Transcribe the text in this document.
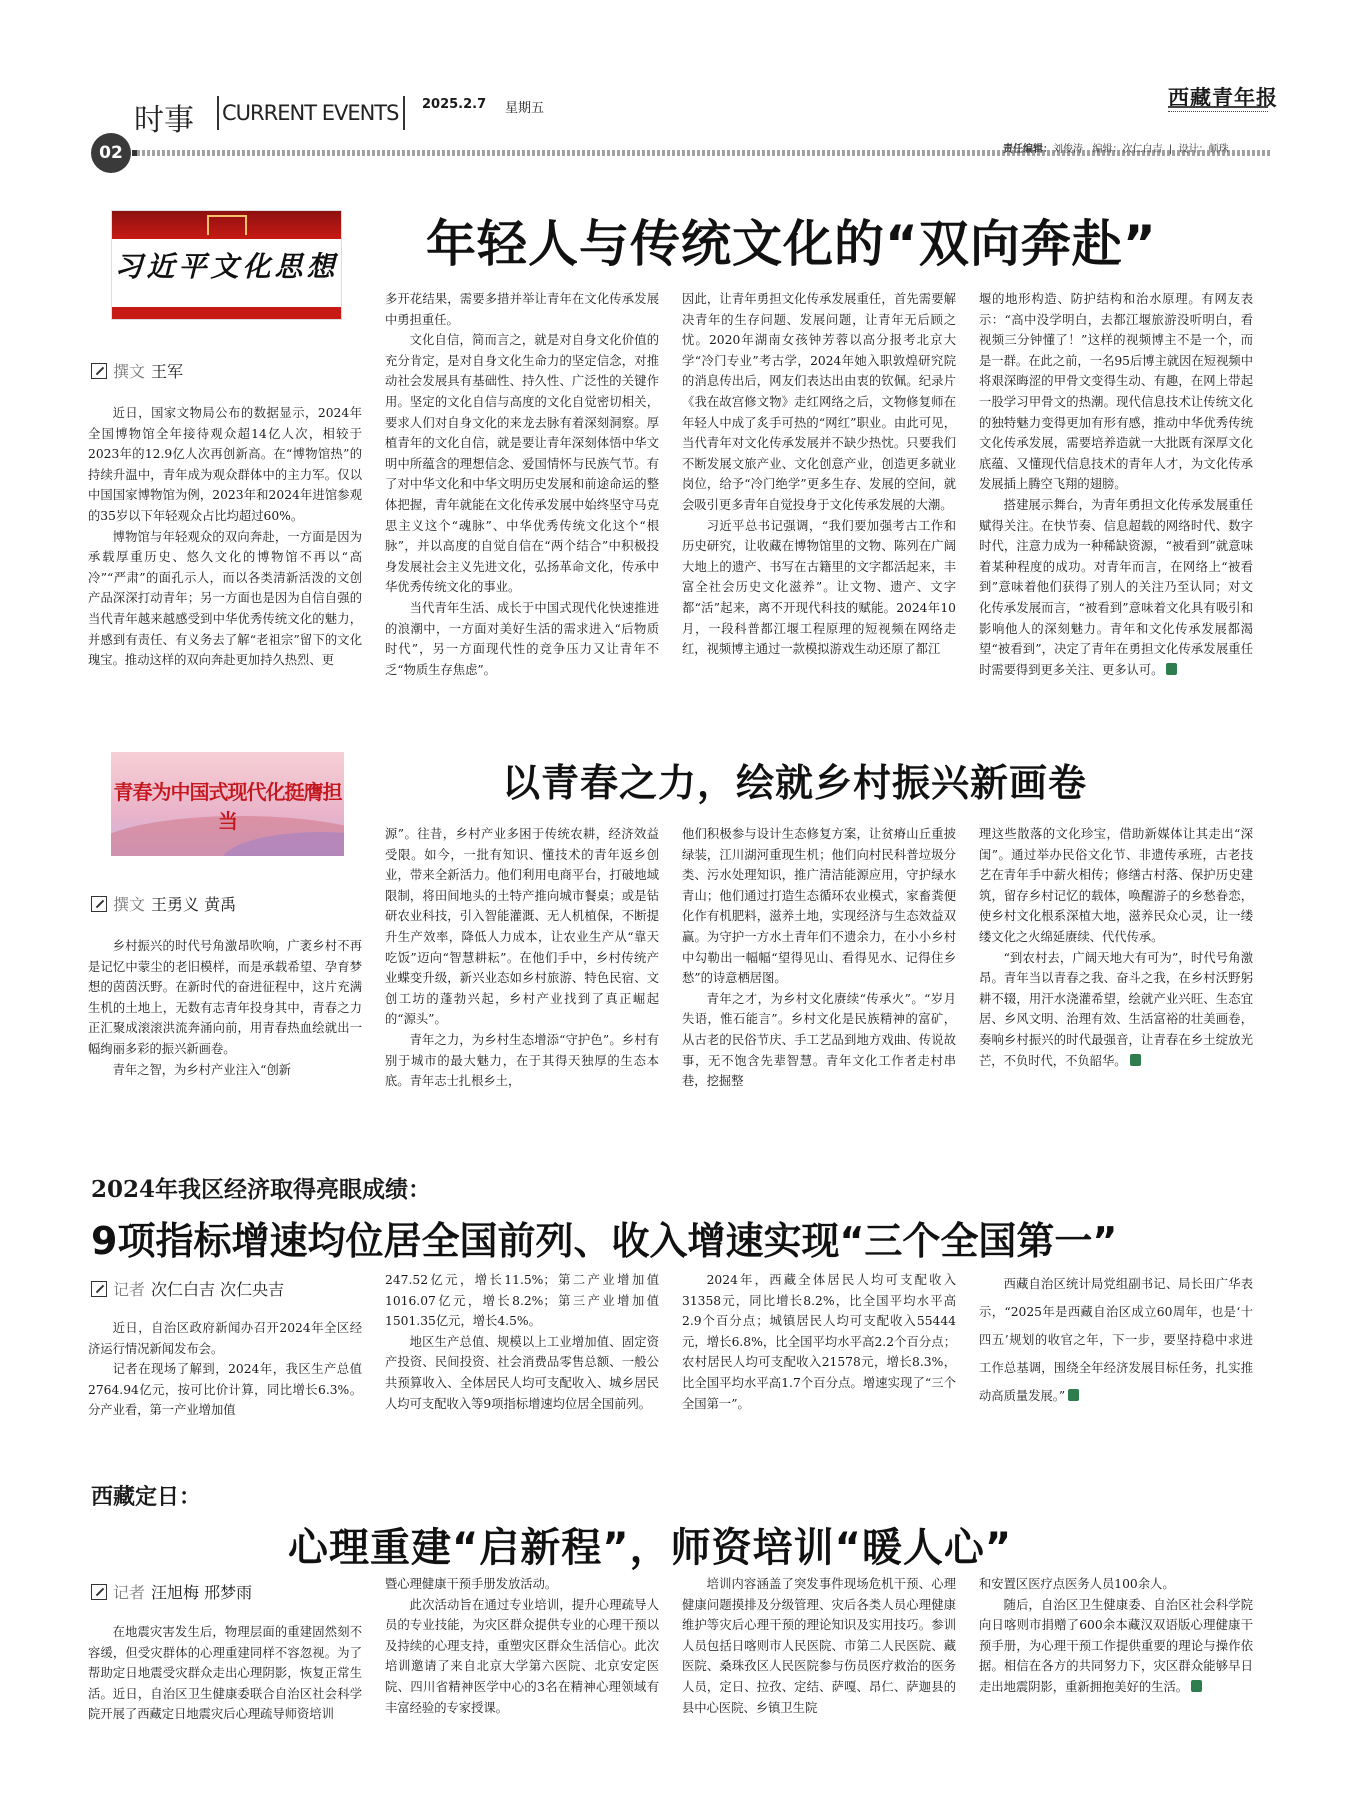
时事 CURRENT EVENTS 2025.2.7 星期五	西藏青年报
02	责任编辑：刘俊涛 编辑：次仁白吉  |  设计：顿珠
习近平文化思想 年轻人与传统文化的“双向奔赴”
撰文 王军

近日，国家文物局公布的数据显示，2024年全国博物馆全年接待观众超14亿人次，相较于2023年的12.9亿人次再创新高。在“博物馆热”的持续升温中，青年成为观众群体中的主力军。仅以中国国家博物馆为例，2023年和2024年进馆参观的35岁以下年轻观众占比均超过60%。

博物馆与年轻观众的双向奔赴，一方面是因为承载厚重历史、悠久文化的博物馆不再以“高冷”“严肃”的面孔示人，而以各类清新活泼的文创产品深深打动青年；另一方面也是因为自信自强的当代青年越来越感受到中华优秀传统文化的魅力，并感到有责任、有义务去了解“老祖宗”留下的文化瑰宝。推动这样的双向奔赴更加持久热烈、更

多开花结果，需要多措并举让青年在文化传承发展中勇担重任。

文化自信，简而言之，就是对自身文化价值的充分肯定，是对自身文化生命力的坚定信念，对推动社会发展具有基础性、持久性、广泛性的关键作用。坚定的文化自信与高度的文化自觉密切相关，要求人们对自身文化的来龙去脉有着深刻洞察。厚植青年的文化自信，就是要让青年深刻体悟中华文明中所蕴含的理想信念、爱国情怀与民族气节。有了对中华文化和中华文明历史发展和前途命运的整体把握，青年就能在文化传承发展中始终坚守马克思主义这个“魂脉”、中华优秀传统文化这个“根脉”，并以高度的自觉自信在“两个结合”中积极投身发展社会主义先进文化，弘扬革命文化，传承中华优秀传统文化的事业。

当代青年生活、成长于中国式现代化快速推进的浪潮中，一方面对美好生活的需求进入“后物质时代”，另一方面现代性的竞争压力又让青年不乏“物质生存焦虑”。

因此，让青年勇担文化传承发展重任，首先需要解决青年的生存问题、发展问题，让青年无后顾之忧。2020年湖南女孩钟芳蓉以高分报考北京大学“冷门专业”考古学，2024年她入职敦煌研究院的消息传出后，网友们表达出由衷的钦佩。纪录片《我在故宫修文物》走红网络之后，文物修复师在年轻人中成了炙手可热的“网红”职业。由此可见，当代青年对文化传承发展并不缺少热忱。只要我们不断发展文旅产业、文化创意产业，创造更多就业岗位，给予“冷门绝学”更多生存、发展的空间，就会吸引更多青年自觉投身于文化传承发展的大潮。

习近平总书记强调，“我们要加强考古工作和历史研究，让收藏在博物馆里的文物、陈列在广阔大地上的遗产、书写在古籍里的文字都活起来，丰富全社会历史文化滋养”。让文物、遗产、文字都“活”起来，离不开现代科技的赋能。2024年10月，一段科普都江堰工程原理的短视频在网络走红，视频博主通过一款模拟游戏生动还原了都江

堰的地形构造、防护结构和治水原理。有网友表示：“高中没学明白，去都江堰旅游没听明白，看视频三分钟懂了！”这样的视频博主不是一个，而是一群。在此之前，一名95后博主就因在短视频中将艰深晦涩的甲骨文变得生动、有趣，在网上带起一股学习甲骨文的热潮。现代信息技术让传统文化的独特魅力变得更加有形有感，推动中华优秀传统文化传承发展，需要培养造就一大批既有深厚文化底蕴、又懂现代信息技术的青年人才，为文化传承发展插上腾空飞翔的翅膀。

搭建展示舞台，为青年勇担文化传承发展重任赋得关注。在快节奏、信息超载的网络时代、数字时代，注意力成为一种稀缺资源，“被看到”就意味着某种程度的成功。对青年而言，在网络上“被看到”意味着他们获得了别人的关注乃至认同；对文化传承发展而言，“被看到”意味着文化具有吸引和影响他人的深刻魅力。青年和文化传承发展都渴望“被看到”，决定了青年在勇担文化传承发展重任时需要得到更多关注、更多认可。

青春为中国式现代化挺膺担当
以青春之力，绘就乡村振兴新画卷
撰文 王勇义 黄禹

乡村振兴的时代号角激昂吹响，广袤乡村不再是记忆中蒙尘的老旧模样，而是承载希望、孕育梦想的茵茵沃野。在新时代的奋进征程中，这片充满生机的土地上，无数有志青年投身其中，青春之力正汇聚成滚滚洪流奔涌向前，用青春热血绘就出一幅绚丽多彩的振兴新画卷。

青年之智，为乡村产业注入“创新

源”。往昔，乡村产业多困于传统农耕，经济效益受限。如今，一批有知识、懂技术的青年返乡创业，带来全新活力。他们利用电商平台，打破地域限制，将田间地头的土特产推向城市餐桌；或是钻研农业科技，引入智能灌溉、无人机植保，不断提升生产效率，降低人力成本，让农业生产从“靠天吃饭”迈向“智慧耕耘”。在他们手中，乡村传统产业蝶变升级，新兴业态如乡村旅游、特色民宿、文创工坊的蓬勃兴起，乡村产业找到了真正崛起的“源头”。

青年之力，为乡村生态增添“守护色”。乡村有别于城市的最大魅力，在于其得天独厚的生态本底。青年志士扎根乡土，

他们积极参与设计生态修复方案，让贫瘠山丘重披绿装，江川湖河重现生机；他们向村民科普垃圾分类、污水处理知识，推广清洁能源应用，守护绿水青山；他们通过打造生态循环农业模式，家畜粪便化作有机肥料，滋养土地，实现经济与生态效益双赢。为守护一方水土青年们不遗余力，在小小乡村中勾勒出一幅幅“望得见山、看得见水、记得住乡愁”的诗意栖居图。

青年之才，为乡村文化赓续“传承火”。“岁月失语，惟石能言”。乡村文化是民族精神的富矿，从古老的民俗节庆、手工艺品到地方戏曲、传说故事，无不饱含先辈智慧。青年文化工作者走村串巷，挖掘整

理这些散落的文化珍宝，借助新媒体让其走出“深闺”。通过举办民俗文化节、非遗传承班，古老技艺在青年手中薪火相传；修缮古村落、保护历史建筑，留存乡村记忆的载体，唤醒游子的乡愁眷恋，使乡村文化根系深植大地，滋养民众心灵，让一缕缕文化之火绵延赓续、代代传承。

“到农村去，广阔天地大有可为”，时代号角激昂。青年当以青春之我、奋斗之我，在乡村沃野躬耕不辍，用汗水浇灌希望，绘就产业兴旺、生态宜居、乡风文明、治理有效、生活富裕的壮美画卷，奏响乡村振兴的时代最强音，让青春在乡土绽放光芒，不负时代，不负韶华。

2024年我区经济取得亮眼成绩：
9项指标增速均位居全国前列、收入增速实现“三个全国第一”
记者 次仁白吉 次仁央吉

近日，自治区政府新闻办召开2024年全区经济运行情况新闻发布会。

记者在现场了解到，2024年，我区生产总值2764.94亿元，按可比价计算，同比增长6.3%。分产业看，第一产业增加值

247.52亿元，增长11.5%；第二产业增加值1016.07亿元，增长8.2%；第三产业增加值1501.35亿元，增长4.5%。

地区生产总值、规模以上工业增加值、固定资产投资、民间投资、社会消费品零售总额、一般公共预算收入、全体居民人均可支配收入、城乡居民人均可支配收入等9项指标增速均位居全国前列。

2024年，西藏全体居民人均可支配收入31358元，同比增长8.2%，比全国平均水平高2.9个百分点；城镇居民人均可支配收入55444元，增长6.8%，比全国平均水平高2.2个百分点；农村居民人均可支配收入21578元，增长8.3%，比全国平均水平高1.7个百分点。增速实现了“三个全国第一”。

西藏自治区统计局党组副书记、局长田广华表示，“2025年是西藏自治区成立60周年，也是‘十四五’规划的收官之年，下一步，要坚持稳中求进工作总基调，围绕全年经济发展目标任务，扎实推动高质量发展。”

西藏定日：
心理重建“启新程”，师资培训“暖人心”
记者 汪旭梅 邢梦雨

在地震灾害发生后，物理层面的重建固然刻不容缓，但受灾群体的心理重建同样不容忽视。为了帮助定日地震受灾群众走出心理阴影，恢复正常生活。近日，自治区卫生健康委联合自治区社会科学院开展了西藏定日地震灾后心理疏导师资培训

暨心理健康干预手册发放活动。

此次活动旨在通过专业培训，提升心理疏导人员的专业技能，为灾区群众提供专业的心理干预以及持续的心理支持，重塑灾区群众生活信心。此次培训邀请了来自北京大学第六医院、北京安定医院、四川省精神医学中心的3名在精神心理领域有丰富经验的专家授课。

培训内容涵盖了突发事件现场危机干预、心理健康问题摸排及分级管理、灾后各类人员心理健康维护等灾后心理干预的理论知识及实用技巧。参训人员包括日喀则市人民医院、市第二人民医院、藏医院、桑珠孜区人民医院参与伤员医疗救治的医务人员，定日、拉孜、定结、萨嘎、昂仁、萨迦县的县中心医院、乡镇卫生院

和安置区医疗点医务人员100余人。

随后，自治区卫生健康委、自治区社会科学院向日喀则市捐赠了600余本藏汉双语版心理健康干预手册，为心理干预工作提供重要的理论与操作依据。相信在各方的共同努力下，灾区群众能够早日走出地震阴影，重新拥抱美好的生活。
